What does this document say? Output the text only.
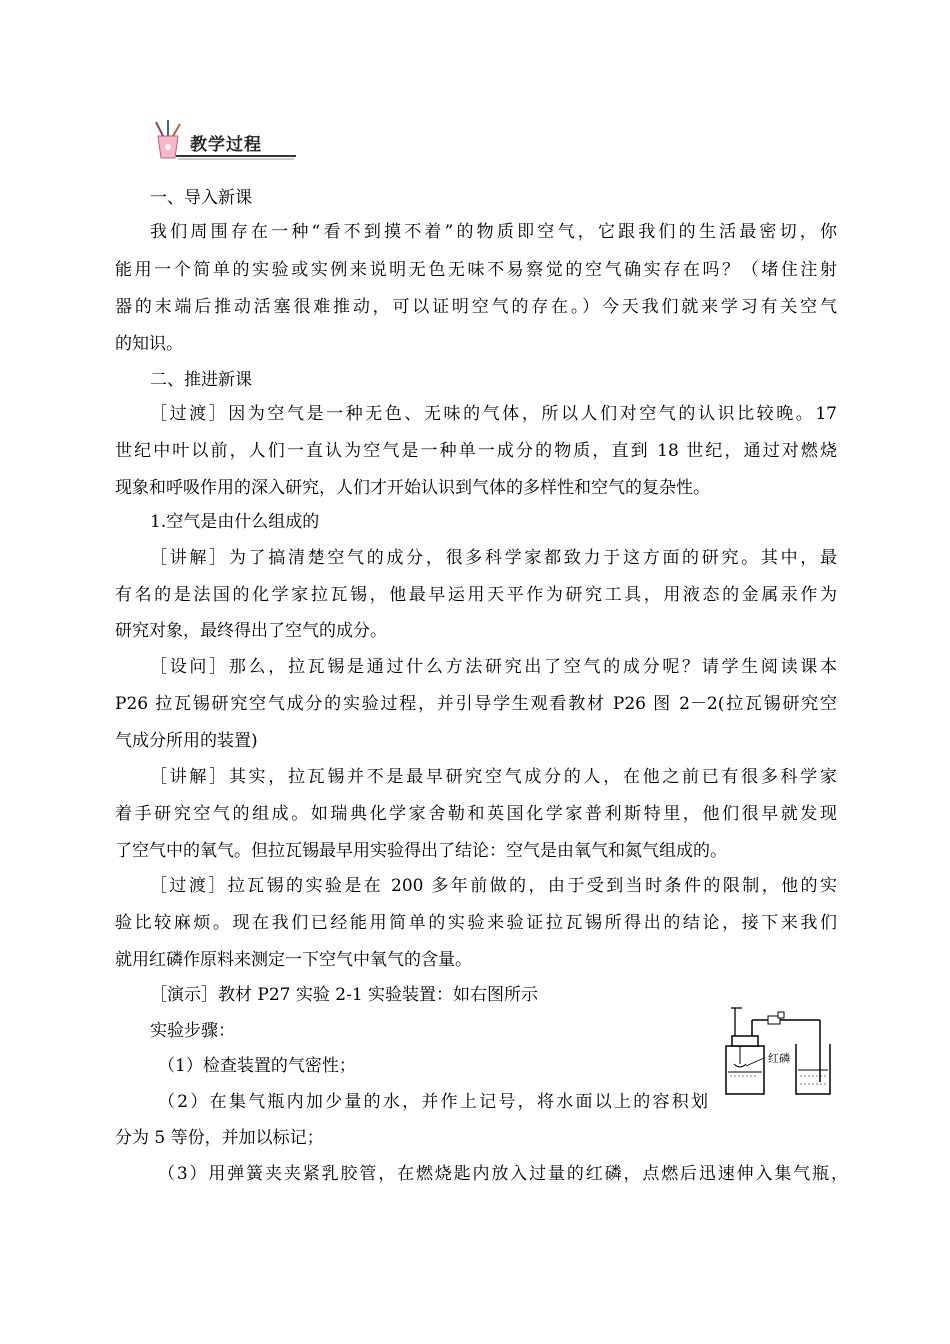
教学过程
一、导入新课
我们周围存在一种“看不到摸不着”的物质即空气，它跟我们的生活最密切，你
能用一个简单的实验或实例来说明无色无味不易察觉的空气确实存在吗？（堵住注射
器的末端后推动活塞很难推动，可以证明空气的存在。）今天我们就来学习有关空气
的知识。
二、推进新课
［过渡］因为空气是一种无色、无味的气体，所以人们对空气的认识比较晚。17
世纪中叶以前，人们一直认为空气是一种单一成分的物质，直到 18 世纪，通过对燃烧
现象和呼吸作用的深入研究，人们才开始认识到气体的多样性和空气的复杂性。
1.空气是由什么组成的
［讲解］为了搞清楚空气的成分，很多科学家都致力于这方面的研究。其中，最
有名的是法国的化学家拉瓦锡，他最早运用天平作为研究工具，用液态的金属汞作为
研究对象，最终得出了空气的成分。
［设问］那么，拉瓦锡是通过什么方法研究出了空气的成分呢？请学生阅读课本
P26 拉瓦锡研究空气成分的实验过程，并引导学生观看教材 P26 图 2－2(拉瓦锡研究空
气成分所用的装置)
［讲解］其实，拉瓦锡并不是最早研究空气成分的人，在他之前已有很多科学家
着手研究空气的组成。如瑞典化学家舍勒和英国化学家普利斯特里，他们很早就发现
了空气中的氧气。但拉瓦锡最早用实验得出了结论：空气是由氧气和氮气组成的。
［过渡］拉瓦锡的实验是在 200 多年前做的，由于受到当时条件的限制，他的实
验比较麻烦。现在我们已经能用简单的实验来验证拉瓦锡所得出的结论，接下来我们
就用红磷作原料来测定一下空气中氧气的含量。
［演示］教材 P27 实验 2-1 实验装置：如右图所示
实验步骤：
（1）检查装置的气密性；
（2）在集气瓶内加少量的水，并作上记号，将水面以上的容积划
分为 5 等份，并加以标记；
（3）用弹簧夹夹紧乳胶管，在燃烧匙内放入过量的红磷，点燃后迅速伸入集气瓶，
红磷
